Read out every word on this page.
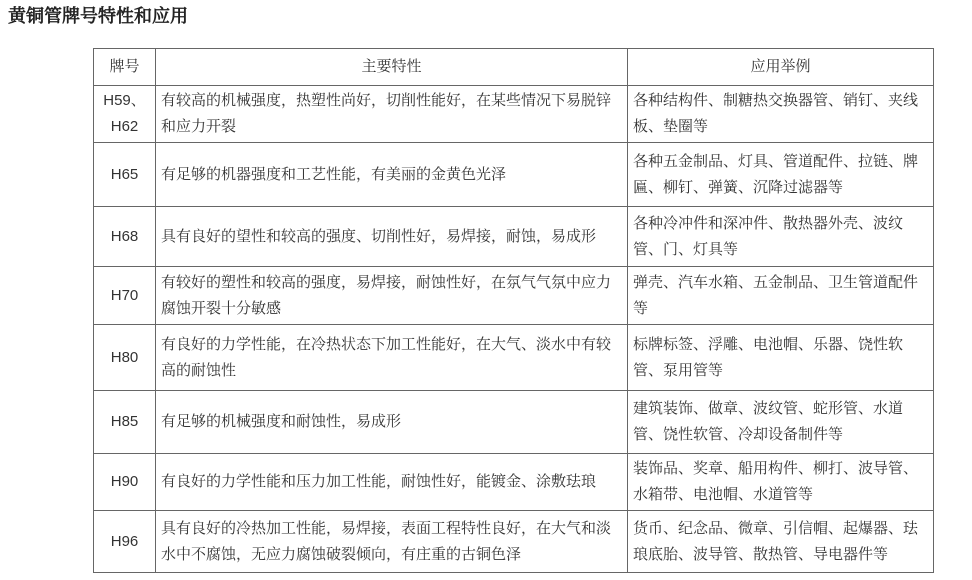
黄铜管牌号特性和应用
牌号	主要特性	应用举例
H59、H62	有较高的机械强度，热塑性尚好，切削性能好，在某些情况下易脱锌和应力开裂	各种结构件、制糖热交换器管、销钉、夹线板、垫圈等
H65	有足够的机器强度和工艺性能，有美丽的金黄色光泽	各种五金制品、灯具、管道配件、拉链、牌匾、柳钉、弹簧、沉降过滤器等
H68	具有良好的望性和较高的强度、切削性好，易焊接，耐蚀，易成形	各种冷冲件和深冲件、散热器外壳、波纹管、门、灯具等
H70	有较好的塑性和较高的强度，易焊接，耐蚀性好，在氛气气氛中应力腐蚀开裂十分敏感	弹壳、汽车水箱、五金制品、卫生管道配件等
H80	有良好的力学性能，在冷热状态下加工性能好，在大气、淡水中有较高的耐蚀性	标牌标签、浮雕、电池帽、乐器、饶性软管、泵用管等
H85	有足够的机械强度和耐蚀性，易成形	建筑装饰、做章、波纹管、蛇形管、水道管、饶性软管、冷却设备制件等
H90	有良好的力学性能和压力加工性能，耐蚀性好，能镀金、涂敷珐琅	装饰品、奖章、船用构件、柳打、波导管、水箱带、电池帽、水道管等
H96	具有良好的冷热加工性能，易焊接，表面工程特性良好，在大气和淡水中不腐蚀，无应力腐蚀破裂倾向，有庄重的古铜色泽	货币、纪念品、微章、引信帽、起爆器、珐琅底胎、波导管、散热管、导电器件等
